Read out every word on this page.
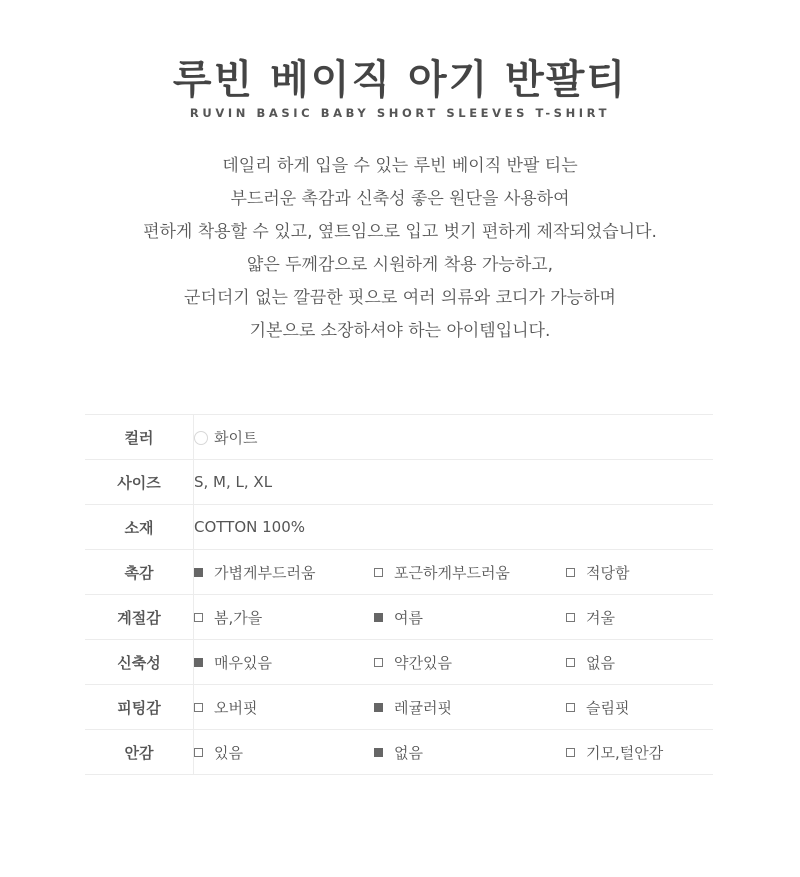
루빈 베이직 아기 반팔티
RUVIN BASIC BABY SHORT SLEEVES T-SHIRT
데일리 하게 입을 수 있는 루빈 베이직 반팔 티는
부드러운 촉감과 신축성 좋은 원단을 사용하여
편하게 착용할 수 있고, 옆트임으로 입고 벗기 편하게 제작되었습니다.
얇은 두께감으로 시원하게 착용 가능하고,
군더더기 없는 깔끔한 핏으로 여러 의류와 코디가 가능하며
기본으로 소장하셔야 하는 아이템입니다.
컬러	화이트
사이즈	S, M, L, XL
소재	COTTON 100%
촉감	가볍게부드러움 포근하게부드러움 적당함
계절감	봄,가을 여름 겨울
신축성	매우있음 약간있음 없음
피팅감	오버핏 레귤러핏 슬림핏
안감	있음 없음 기모,털안감
